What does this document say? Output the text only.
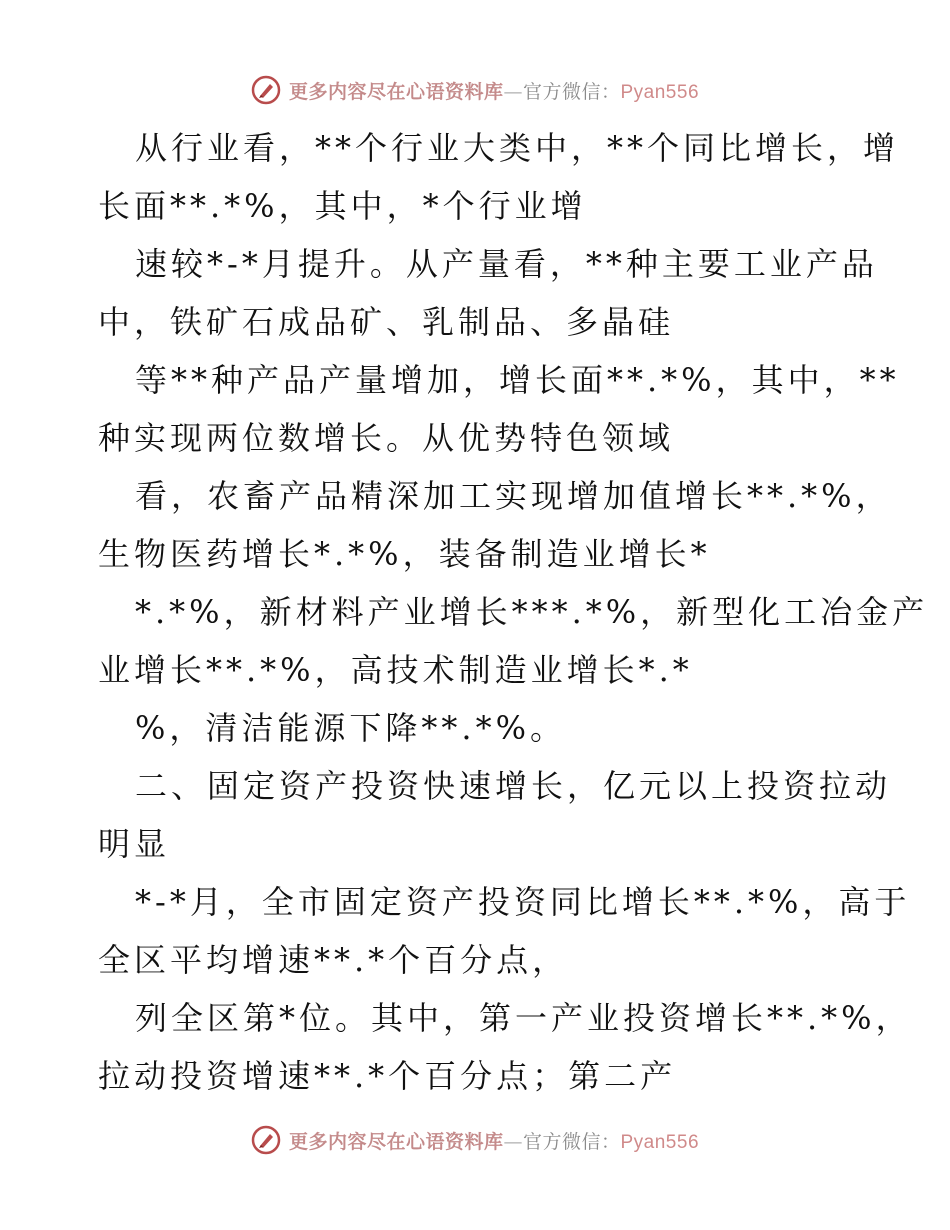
更多内容尽在心语资料库—官方微信：Pyan556

从行业看，**个行业大类中，**个同比增长，增

长面**.*%，其中，*个行业增

速较*-*月提升。从产量看，**种主要工业产品

中，铁矿石成品矿、乳制品、多晶硅

等**种产品产量增加，增长面**.*%，其中，**

种实现两位数增长。从优势特色领域

看，农畜产品精深加工实现增加值增长**.*%，

生物医药增长*.*%，装备制造业增长*

*.*%，新材料产业增长***.*%，新型化工冶金产

业增长**.*%，高技术制造业增长*.*

%，清洁能源下降**.*%。

二、固定资产投资快速增长，亿元以上投资拉动

明显

*-*月，全市固定资产投资同比增长**.*%，高于

全区平均增速**.*个百分点，

列全区第*位。其中，第一产业投资增长**.*%，

拉动投资增速**.*个百分点；第二产

更多内容尽在心语资料库—官方微信：Pyan556
